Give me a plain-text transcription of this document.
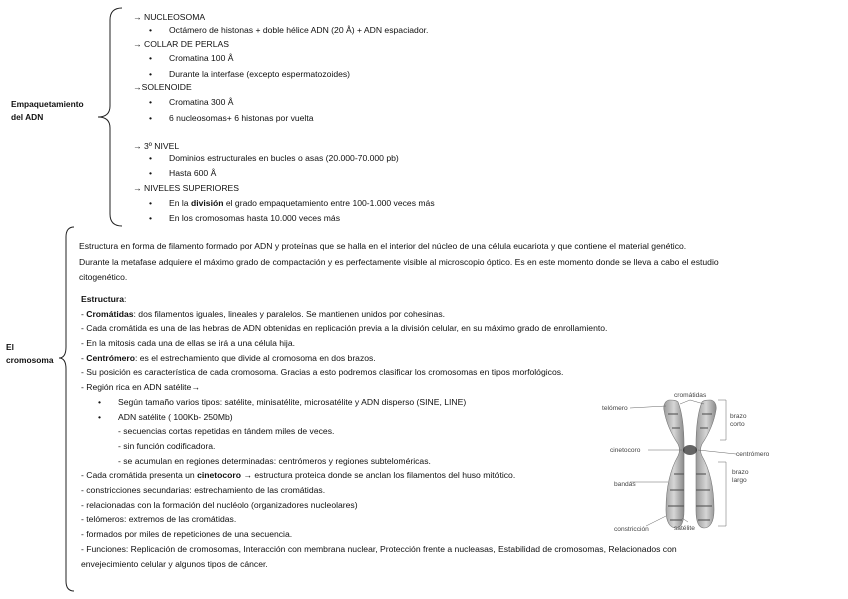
Empaquetamiento
del ADN
→ NUCLEOSOMA
• Octámero de histonas + doble hélice ADN (20 Å) + ADN espaciador.
→ COLLAR DE PERLAS
• Cromatina 100 Å
• Durante la interfase (excepto espermatozoides)
→SOLENOIDE
• Cromatina 300 Å
• 6 nucleosomas+ 6 histonas por vuelta
→ 3º NIVEL
• Dominios estructurales en bucles o asas (20.000-70.000 pb)
• Hasta 600 Å
→ NIVELES SUPERIORES
• En la división el grado empaquetamiento entre 100-1.000 veces más
• En los cromosomas hasta 10.000 veces más
El
cromosoma
Estructura en forma de filamento formado por ADN y proteínas que se halla en el interior del núcleo de una célula eucariota y que contiene el material genético.
Durante la metafase adquiere el máximo grado de compactación y es perfectamente visible al microscopio óptico. Es en este momento donde se lleva a cabo el estudio
citogenético.
Estructura:
- Cromátidas: dos filamentos iguales, lineales y paralelos. Se mantienen unidos por cohesinas.
- Cada cromátida es una de las hebras de ADN obtenidas en replicación previa a la división celular, en su máximo grado de enrollamiento.
- En la mitosis cada una de ellas se irá a una célula hija.
- Centrómero: es el estrechamiento que divide al cromosoma en dos brazos.
- Su posición es característica de cada cromosoma. Gracias a esto podremos clasificar los cromosomas en tipos morfológicos.
- Región rica en ADN satélite→
• Según tamaño varios tipos: satélite, minisatélite, microsatélite y ADN disperso (SINE, LINE)
• ADN satélite ( 100Kb- 250Mb)
- secuencias cortas repetidas en tándem miles de veces.
- sin función codificadora.
- se acumulan en regiones determinadas: centrómeros y regiones subteloméricas.
- Cada cromátida presenta un cinetocoro → estructura proteica donde se anclan los filamentos del huso mitótico.
- constricciones secundarias: estrechamiento de las cromátidas.
- relacionadas con la formación del nucléolo (organizadores nucleolares)
- telómeros: extremos de las cromátidas.
- formados por miles de repeticiones de una secuencia.
- Funciones: Replicación de cromosomas, Interacción con membrana nuclear, Protección frente a nucleasas, Estabilidad de cromosomas, Relacionados con
envejecimiento celular y algunos tipos de cáncer.
cromátidas
telómero
brazo
corto
cinetocoro
centrómero
brazo
largo
bandas
constricción	satélite
